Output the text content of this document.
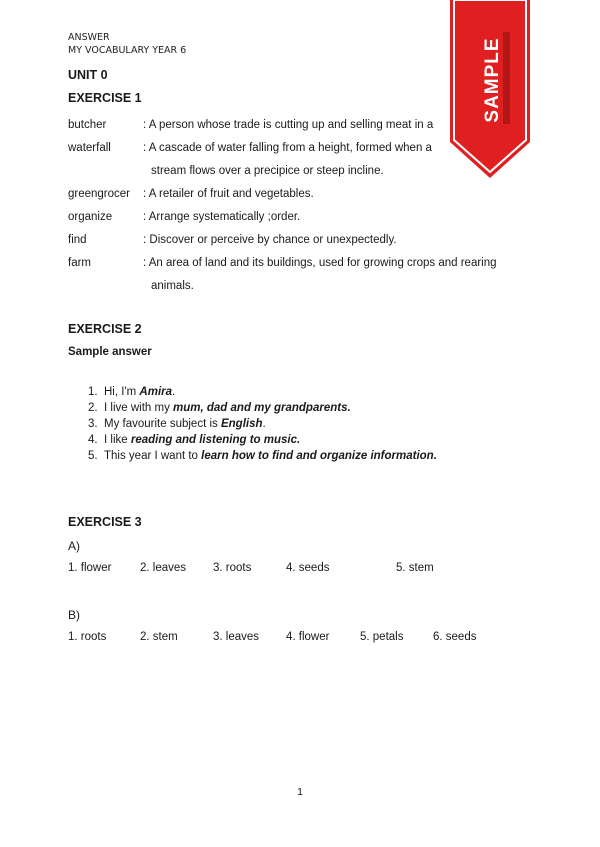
ANSWER
MY VOCABULARY YEAR 6
UNIT 0
EXERCISE 1
butcher	: A person whose trade is cutting up and selling meat in a
waterfall	: A cascade of water falling from a height, formed when a
stream flows over a precipice or steep incline.
greengrocer : A retailer of fruit and vegetables.
organize	: Arrange systematically ;order.
find	: Discover or perceive by chance or unexpectedly.
farm	: An area of land and its buildings, used for growing crops and rearing
animals.
EXERCISE 2
Sample answer
1. Hi, I'm Amira.
2. I live with my mum, dad and my grandparents.
3. My favourite subject is English.
4. I like reading and listening to music.
5. This year I want to learn how to find and organize information.
EXERCISE 3
A)
1. flower 2. leaves 3. roots	4. seeds	5. stem
B)
1. roots	2. stem	3. leaves 4. flower	5. petals	6. seeds
1
SAMPLE
